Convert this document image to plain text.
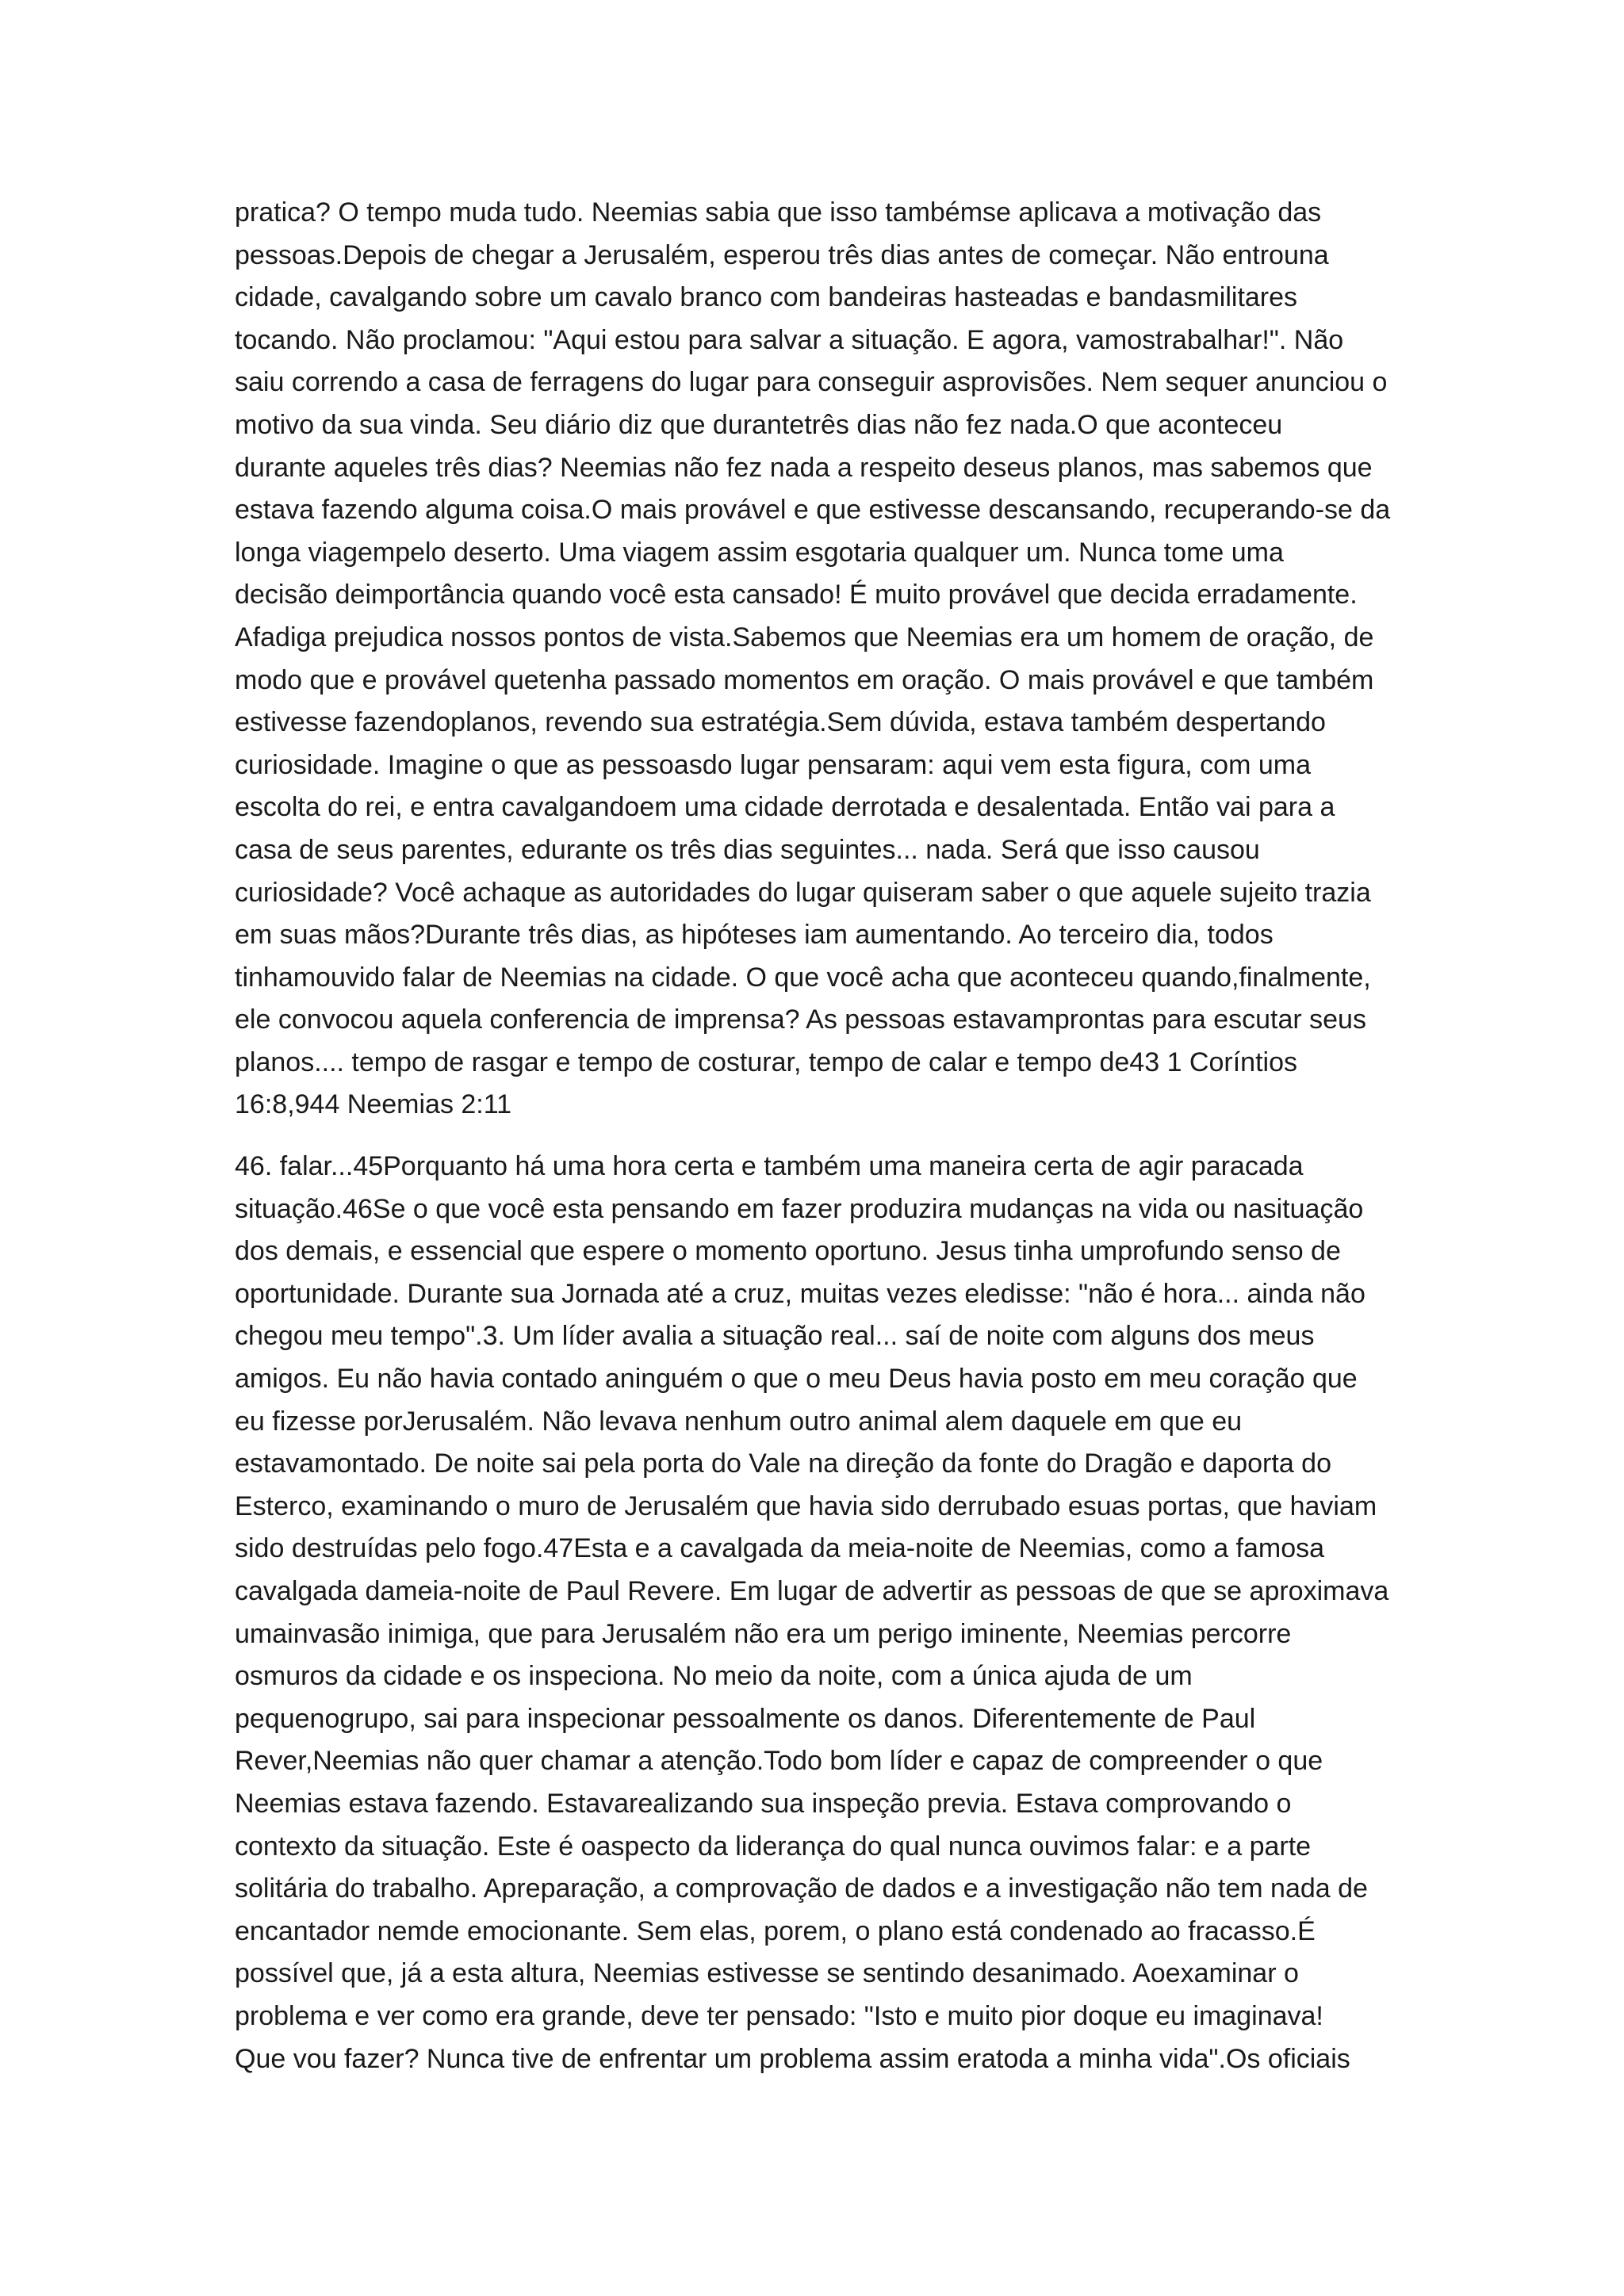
pratica? O tempo muda tudo. Neemias sabia que isso tambémse aplicava a motivação das
pessoas.Depois de chegar a Jerusalém, esperou três dias antes de começar. Não entrouna
cidade, cavalgando sobre um cavalo branco com bandeiras hasteadas e bandasmilitares
tocando. Não proclamou: "Aqui estou para salvar a situação. E agora, vamostrabalhar!". Não
saiu correndo a casa de ferragens do lugar para conseguir asprovisões. Nem sequer anunciou o
motivo da sua vinda. Seu diário diz que durantetrês dias não fez nada.O que aconteceu
durante aqueles três dias? Neemias não fez nada a respeito deseus planos, mas sabemos que
estava fazendo alguma coisa.O mais provável e que estivesse descansando, recuperando-se da
longa viagempelo deserto. Uma viagem assim esgotaria qualquer um. Nunca tome uma
decisão deimportância quando você esta cansado! É muito provável que decida erradamente.
Afadiga prejudica nossos pontos de vista.Sabemos que Neemias era um homem de oração, de
modo que e provável quetenha passado momentos em oração. O mais provável e que também
estivesse fazendoplanos, revendo sua estratégia.Sem dúvida, estava também despertando
curiosidade. Imagine o que as pessoasdo lugar pensaram: aqui vem esta figura, com uma
escolta do rei, e entra cavalgandoem uma cidade derrotada e desalentada. Então vai para a
casa de seus parentes, edurante os três dias seguintes... nada. Será que isso causou
curiosidade? Você achaque as autoridades do lugar quiseram saber o que aquele sujeito trazia
em suas mãos?Durante três dias, as hipóteses iam aumentando. Ao terceiro dia, todos
tinhamouvido falar de Neemias na cidade. O que você acha que aconteceu quando,finalmente,
ele convocou aquela conferencia de imprensa? As pessoas estavamprontas para escutar seus
planos.... tempo de rasgar e tempo de costurar, tempo de calar e tempo de43 1 Coríntios
16:8,944 Neemias 2:11
46. falar...45Porquanto há uma hora certa e também uma maneira certa de agir paracada
situação.46Se o que você esta pensando em fazer produzira mudanças na vida ou nasituação
dos demais, e essencial que espere o momento oportuno. Jesus tinha umprofundo senso de
oportunidade. Durante sua Jornada até a cruz, muitas vezes eledisse: "não é hora... ainda não
chegou meu tempo".3. Um líder avalia a situação real... saí de noite com alguns dos meus
amigos. Eu não havia contado aninguém o que o meu Deus havia posto em meu coração que
eu fizesse porJerusalém. Não levava nenhum outro animal alem daquele em que eu
estavamontado. De noite sai pela porta do Vale na direção da fonte do Dragão e daporta do
Esterco, examinando o muro de Jerusalém que havia sido derrubado esuas portas, que haviam
sido destruídas pelo fogo.47Esta e a cavalgada da meia-noite de Neemias, como a famosa
cavalgada dameia-noite de Paul Revere. Em lugar de advertir as pessoas de que se aproximava
umainvasão inimiga, que para Jerusalém não era um perigo iminente, Neemias percorre
osmuros da cidade e os inspeciona. No meio da noite, com a única ajuda de um
pequenogrupo, sai para inspecionar pessoalmente os danos. Diferentemente de Paul
Rever,Neemias não quer chamar a atenção.Todo bom líder e capaz de compreender o que
Neemias estava fazendo. Estavarealizando sua inspeção previa. Estava comprovando o
contexto da situação. Este é oaspecto da liderança do qual nunca ouvimos falar: e a parte
solitária do trabalho. Apreparação, a comprovação de dados e a investigação não tem nada de
encantador nemde emocionante. Sem elas, porem, o plano está condenado ao fracasso.É
possível que, já a esta altura, Neemias estivesse se sentindo desanimado. Aoexaminar o
problema e ver como era grande, deve ter pensado: "Isto e muito pior doque eu imaginava!
Que vou fazer? Nunca tive de enfrentar um problema assim eratoda a minha vida".Os oficiais
